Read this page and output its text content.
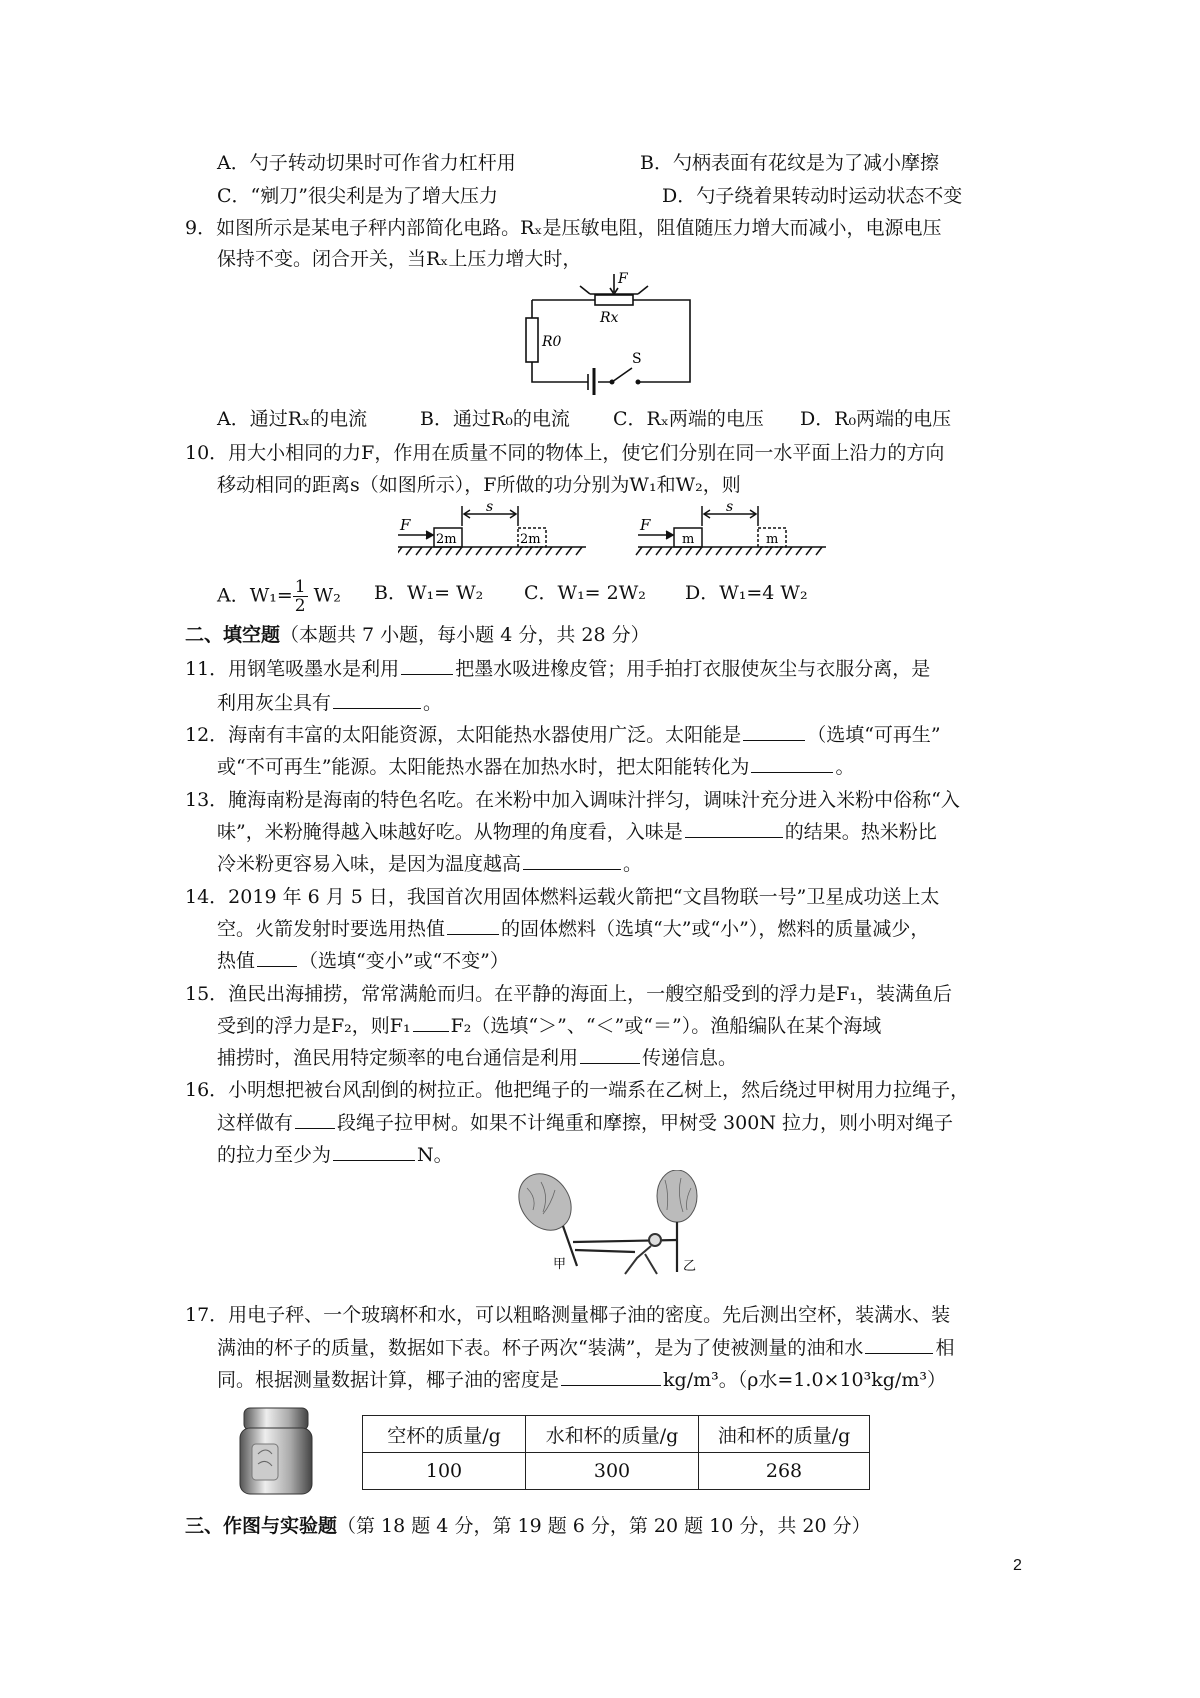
A．勺子转动切果时可作省力杠杆用	B．勺柄表面有花纹是为了减小摩擦
C．“剜刀”很尖利是为了增大压力	D．勺子绕着果转动时运动状态不变
9．如图所示是某电子秤内部简化电路。Rₓ是压敏电阻，阻值随压力增大而减小，电源电压
保持不变。闭合开关，当Rₓ上压力增大时，
F
Rx
R0
S
A．通过Rₓ的电流	B．通过R₀的电流 C．Rₓ两端的电压 D．R₀两端的电压
10．用大小相同的力F，作用在质量不同的物体上，使它们分别在同一水平面上沿力的方向
移动相同的距离s（如图所示），F所做的功分别为W₁和W₂，则
F
2m	2m
s
F
m	m
s
A．$W_1= \frac{1}{2} W_2$ B．W₁= W₂ C．W₁= 2W₂ D．W₁=4 W₂
二、填空题（本题共 7 小题，每小题 4 分，共 28 分）
11．用钢笔吸墨水是利用	把墨水吸进橡皮管；用手拍打衣服使灰尘与衣服分离，是
利用灰尘具有	。
12．海南有丰富的太阳能资源，太阳能热水器使用广泛。太阳能是	（选填“可再生”
或“不可再生”能源。太阳能热水器在加热水时，把太阳能转化为	。
13．腌海南粉是海南的特色名吃。在米粉中加入调味汁拌匀，调味汁充分进入米粉中俗称“入
味”，米粉腌得越入味越好吃。从物理的角度看，入味是	的结果。热米粉比
冷米粉更容易入味，是因为温度越高	。
14．2019 年 6 月 5 日，我国首次用固体燃料运载火箭把“文昌物联一号”卫星成功送上太
空。火箭发射时要选用热值	的固体燃料（选填“大”或“小”），燃料的质量减少，
热值 （选填“变小”或“不变”）
15．渔民出海捕捞，常常满舱而归。在平静的海面上，一艘空船受到的浮力是F₁，装满鱼后
受到的浮力是F₂，则F₁ F₂（选填“＞”、“＜”或“＝”）。渔船编队在某个海域
捕捞时，渔民用特定频率的电台通信是利用	传递信息。
16．小明想把被台风刮倒的树拉正。他把绳子的一端系在乙树上，然后绕过甲树用力拉绳子，
这样做有 段绳子拉甲树。如果不计绳重和摩擦，甲树受 300N 拉力，则小明对绳子
的拉力至少为	N。
甲	乙
17．用电子秤、一个玻璃杯和水，可以粗略测量椰子油的密度。先后测出空杯，装满水、装
满油的杯子的质量，数据如下表。杯子两次“装满”，是为了使被测量的油和水	相
同。根据测量数据计算，椰子油的密度是	kg/m³。（ρ水=1.0×10³kg/m³）
空杯的质量/g	水和杯的质量/g	油和杯的质量/g
100	300	268
三、作图与实验题（第 18 题 4 分，第 19 题 6 分，第 20 题 10 分，共 20 分）
2
